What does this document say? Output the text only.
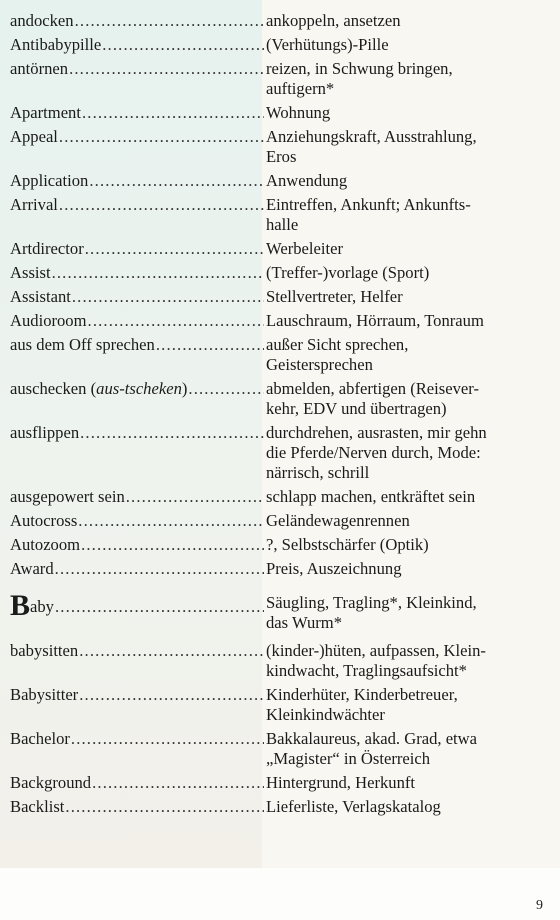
andocken . . .	ankoppeln, ansetzen
Antibabypille . . .	(Verhütungs)-Pille
antörnen . . .	reizen, in Schwung bringen,
auftigern*
Apartment . . .	Wohnung
Appeal . . .	Anziehungskraft, Ausstrahlung,
Eros
Application . . .	Anwendung
Arrival . . .	Eintreffen, Ankunft; Ankunfts-
halle
Artdirector . . .	Werbeleiter
Assist . . .	(Treffer-)vorlage (Sport)
Assistant . . .	Stellvertreter, Helfer
Audioroom . . .	Lauschraum, Hörraum, Tonraum
aus dem Off sprechen . . .	außer Sicht sprechen,
Geistersprechen
auschecken (aus-tscheken) . . .	abmelden, abfertigen (Reisever-
kehr, EDV und übertragen)
ausflippen . . .	durchdrehen, ausrasten, mir gehn
die Pferde/Nerven durch, Mode:
närrisch, schrill
ausgepowert sein . . .	schlapp machen, entkräftet sein
Autocross . . .	Geländewagenrennen
Autozoom . . .	?, Selbstschärfer (Optik)
Award . . .	Preis, Auszeichnung
Baby . . .	Säugling, Tragling*, Kleinkind,
das Wurm*
babysitten . . .	(kinder-)hüten, aufpassen, Klein-
kindwacht, Traglingsaufsicht*
Babysitter . . .	Kinderhüter, Kinderbetreuer,
Kleinkindwächter
Bachelor . . .	Bakkalaureus, akad. Grad, etwa
„Magister“ in Österreich
Background . . .	Hintergrund, Herkunft
Backlist . . .	Lieferliste, Verlagskatalog
9
